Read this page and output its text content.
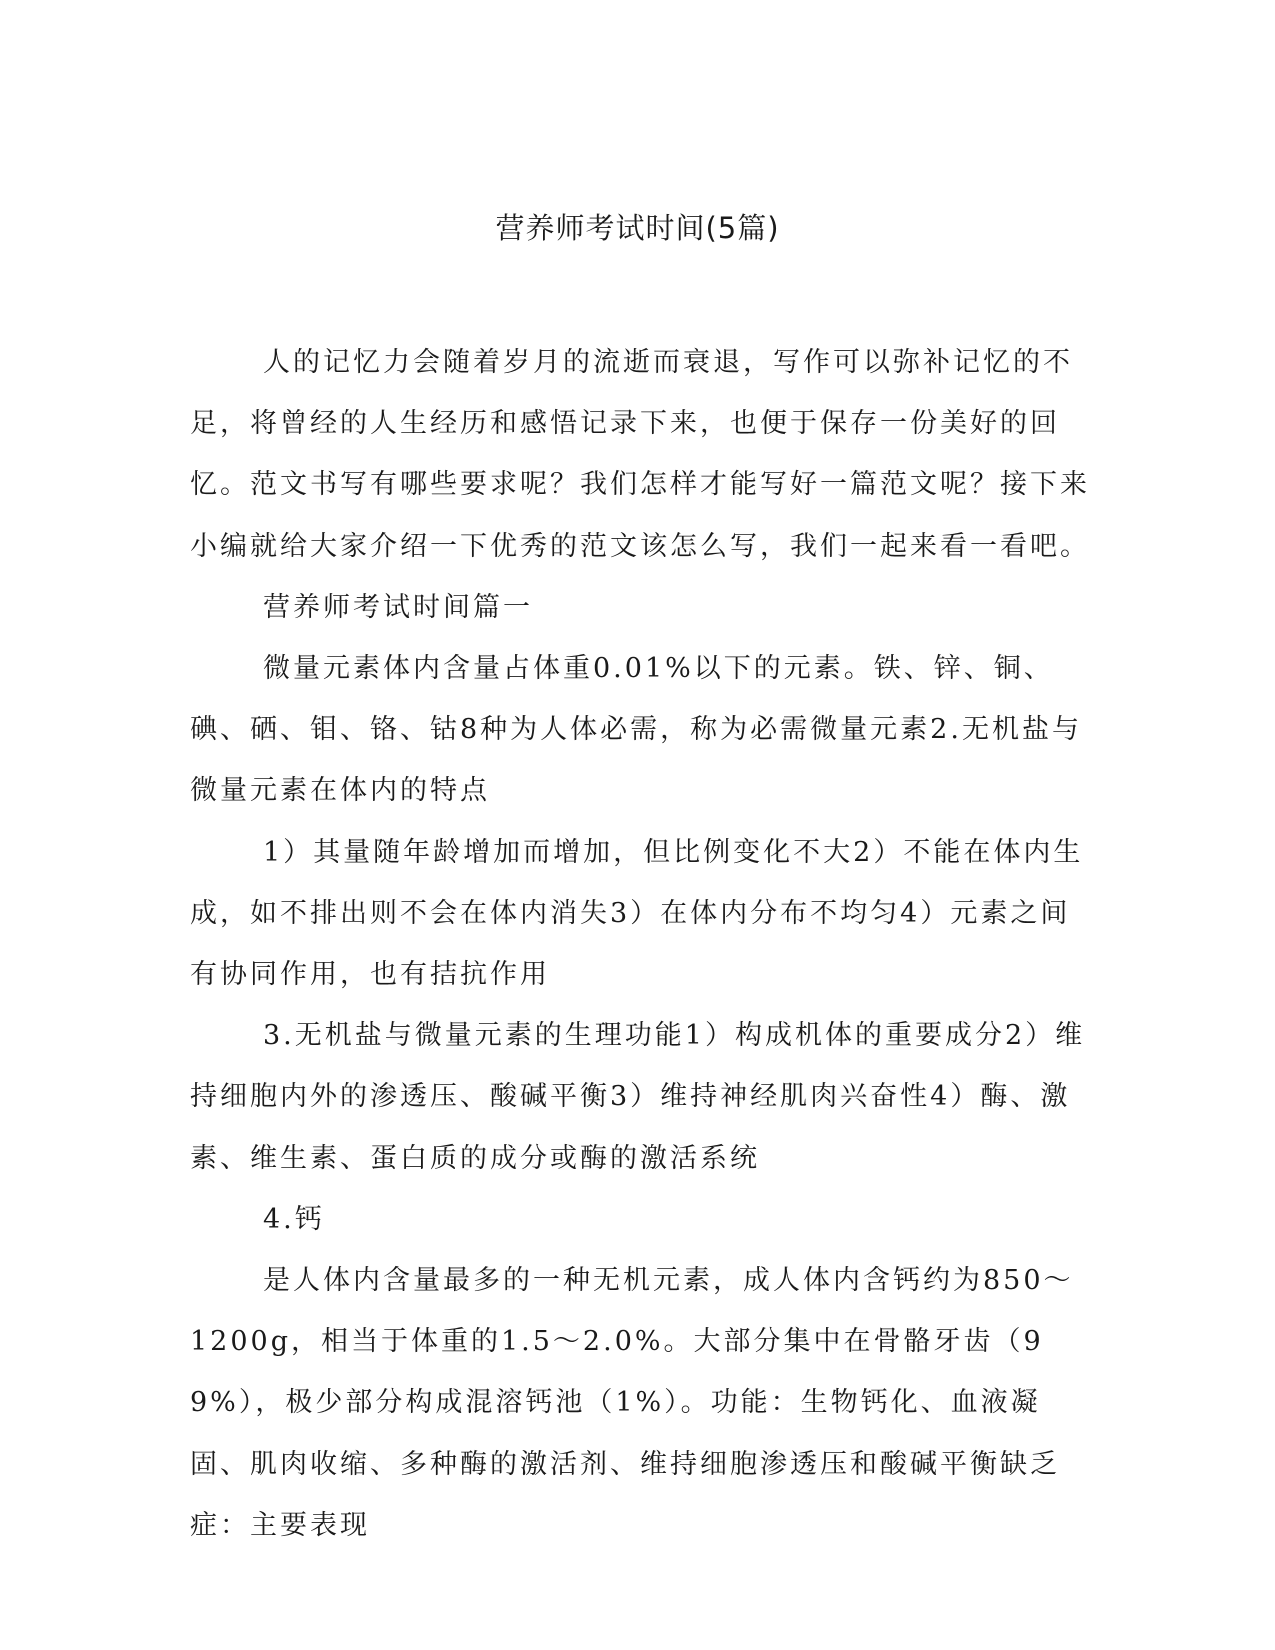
营养师考试时间(5篇)

人的记忆力会随着岁月的流逝而衰退，写作可以弥补记忆的不足，将曾经的人生经历和感悟记录下来，也便于保存一份美好的回忆。范文书写有哪些要求呢？我们怎样才能写好一篇范文呢？接下来小编就给大家介绍一下优秀的范文该怎么写，我们一起来看一看吧。

营养师考试时间篇一

微量元素体内含量占体重0.01%以下的元素。铁、锌、铜、碘、硒、钼、铬、钴8种为人体必需，称为必需微量元素2.无机盐与微量元素在体内的特点

1）其量随年龄增加而增加，但比例变化不大2）不能在体内生成，如不排出则不会在体内消失3）在体内分布不均匀4）元素之间有协同作用，也有拮抗作用

3.无机盐与微量元素的生理功能1）构成机体的重要成分2）维持细胞内外的渗透压、酸碱平衡3）维持神经肌肉兴奋性4）酶、激素、维生素、蛋白质的成分或酶的激活系统

4.钙

是人体内含量最多的一种无机元素，成人体内含钙约为850～1200g，相当于体重的1.5～2.0%。大部分集中在骨骼牙齿（99%），极少部分构成混溶钙池（1%）。功能：生物钙化、血液凝固、肌肉收缩、多种酶的激活剂、维持细胞渗透压和酸碱平衡缺乏症：主要表现
